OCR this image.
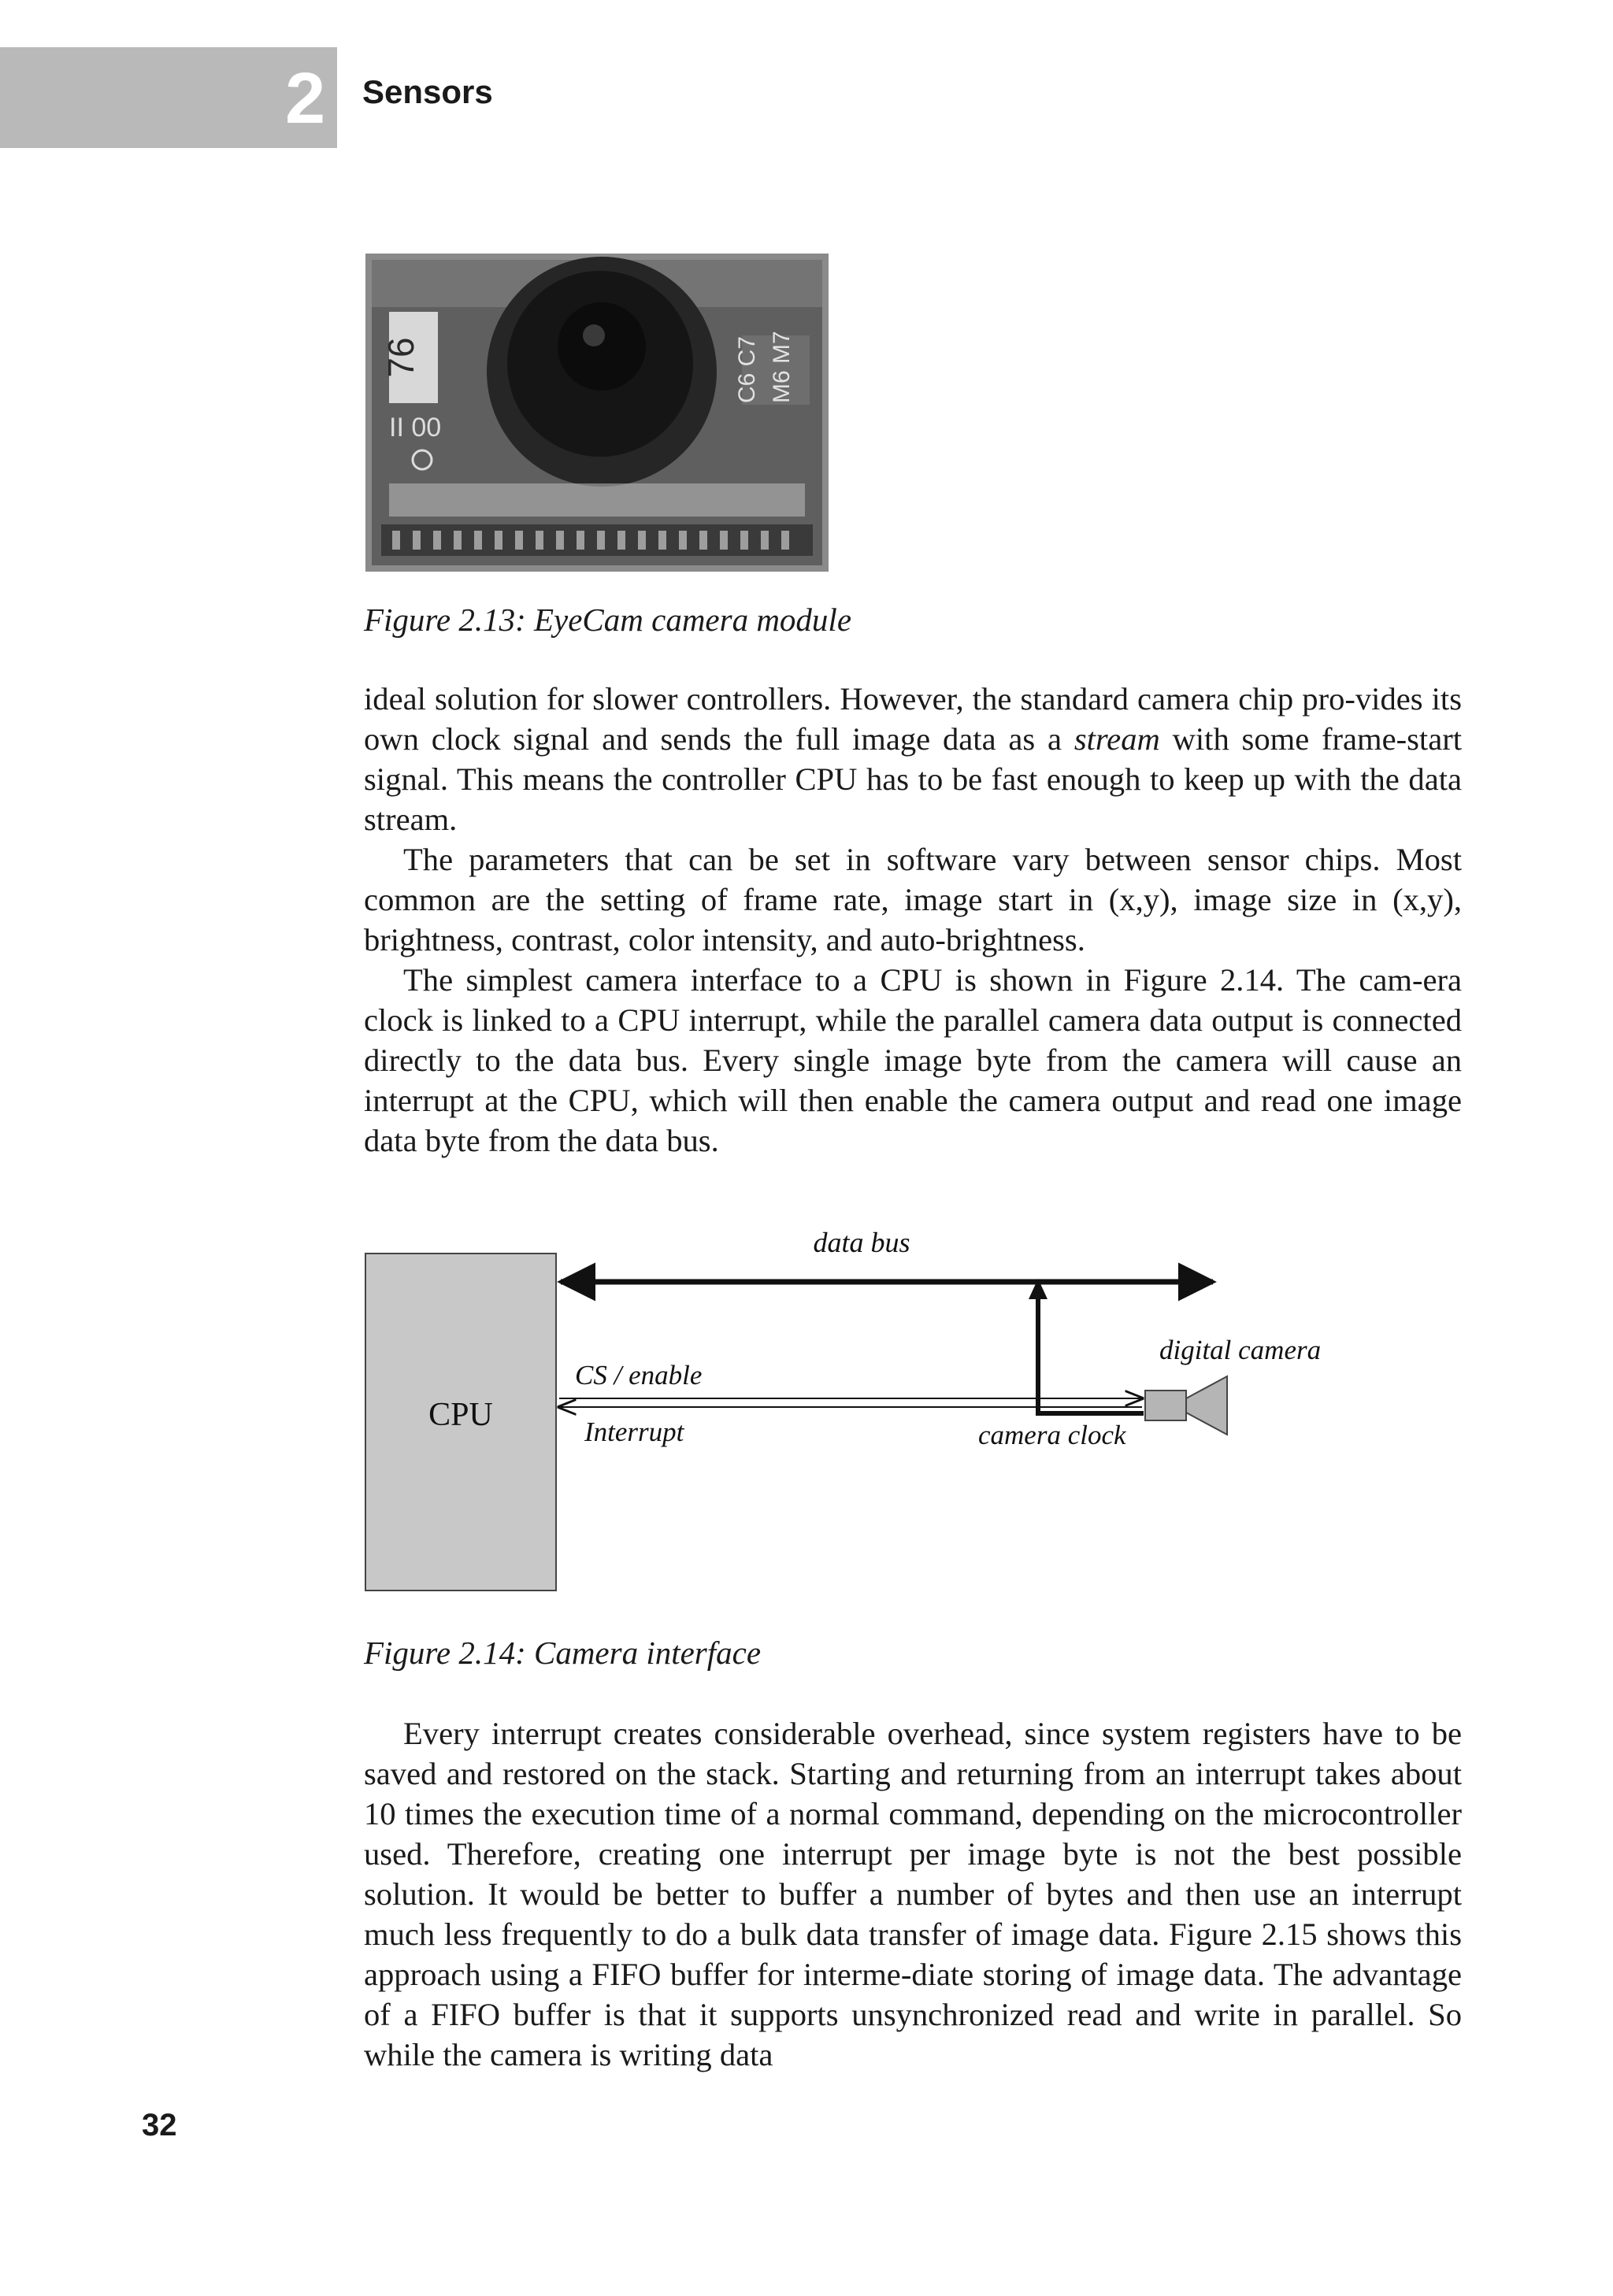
2	Sensors
76
II 00
C6 C7 M6 M7
Figure 2.13: EyeCam camera module

ideal solution for slower controllers. However, the standard camera chip pro-vides its own clock signal and sends the full image data as a stream with some frame-start signal. This means the controller CPU has to be fast enough to keep up with the data stream.

The parameters that can be set in software vary between sensor chips. Most common are the setting of frame rate, image start in (x,y), image size in (x,y), brightness, contrast, color intensity, and auto-brightness.

The simplest camera interface to a CPU is shown in Figure 2.14. The cam-era clock is linked to a CPU interrupt, while the parallel camera data output is connected directly to the data bus. Every single image byte from the camera will cause an interrupt at the CPU, which will then enable the camera output and read one image data byte from the data bus.

CPU
data bus
CS / enable
Interrupt	camera clock
digital camera
Figure 2.14: Camera interface

Every interrupt creates considerable overhead, since system registers have to be saved and restored on the stack. Starting and returning from an interrupt takes about 10 times the execution time of a normal command, depending on the microcontroller used. Therefore, creating one interrupt per image byte is not the best possible solution. It would be better to buffer a number of bytes and then use an interrupt much less frequently to do a bulk data transfer of image data. Figure 2.15 shows this approach using a FIFO buffer for interme-diate storing of image data. The advantage of a FIFO buffer is that it supports unsynchronized read and write in parallel. So while the camera is writing data

32
